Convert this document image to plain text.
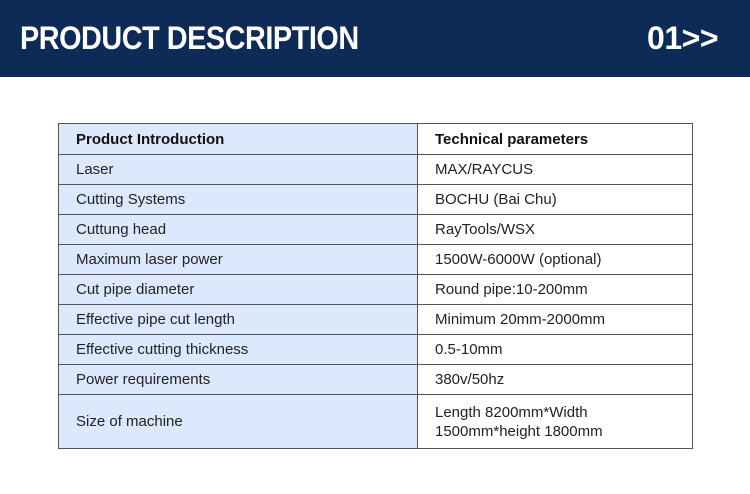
PRODUCT DESCRIPTION	01>>
Product Introduction	Technical parameters
Laser	MAX/RAYCUS
Cutting Systems	BOCHU (Bai Chu)
Cuttung head	RayTools/WSX
Maximum laser power	1500W-6000W (optional)
Cut pipe diameter	Round pipe:10-200mm
Effective pipe cut length	Minimum 20mm-2000mm
Effective cutting thickness	0.5-10mm
Power requirements	380v/50hz
Size of machine	Length 8200mm*Width 1500mm*height 1800mm
